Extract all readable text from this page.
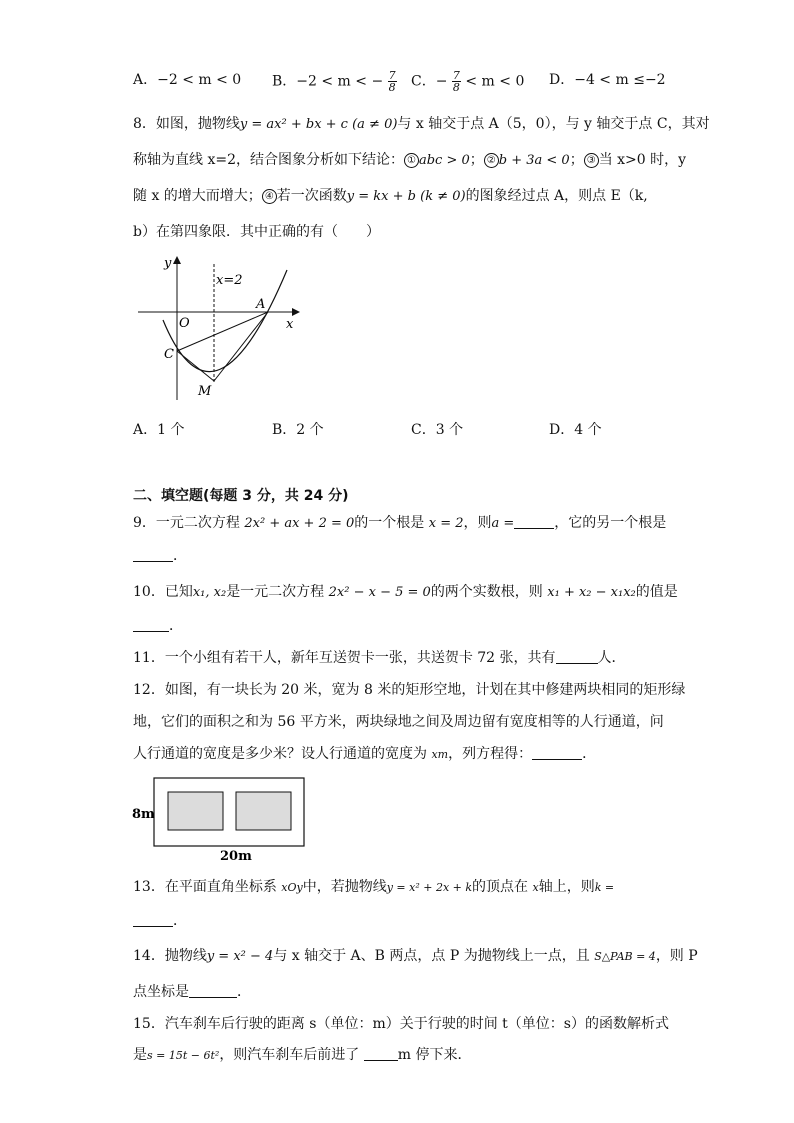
A．−2 < m < 0 B．−2 < m < − $\frac{7}{8}$ C．− $\frac{7}{8} < m < 0$ D．−4 < m ≤−2
8．如图，抛物线y = ax² + bx + c (a ≠ 0)与 x 轴交于点 A（5，0），与 y 轴交于点 C，其对
称轴为直线 x=2，结合图象分析如下结论： ① abc > 0； ② b + 3a < 0； ③ 当 x>0 时，y
随 x 的增大而增大； ④ 若一次函数y = kx + b (k ≠ 0)的图象经过点 A，则点 E（k,
b）在第四象限．其中正确的有（　　）
y
x
O
x=2
A
C
M
A．1 个	B．2 个	C．3 个	D．4 个
二、填空题(每题 3 分，共 24 分)
9．一元二次方程 2x² + ax + 2 = 0的一个根是 x = 2，则a =	，它的另一个根是
．
10．已知x₁, x₂是一元二次方程 2x² − x − 5 = 0的两个实数根，则 x₁ + x₂ − x₁x₂的值是
．
11．一个小组有若干人，新年互送贺卡一张，共送贺卡 72 张，共有	人．
12．如图，有一块长为 20 米，宽为 8 米的矩形空地，计划在其中修建两块相同的矩形绿
地，它们的面积之和为 56 平方米，两块绿地之间及周边留有宽度相等的人行通道，问
人行通道的宽度是多少米？设人行通道的宽度为 xm，列方程得：	．
8m
20m
13．在平面直角坐标系 xOy中，若抛物线y = x² + 2x + k的顶点在 x轴上，则k =
．
14．抛物线y = x² − 4与 x 轴交于 A、B 两点，点 P 为抛物线上一点，且 S△PAB = 4，则 P
点坐标是	．
15．汽车刹车后行驶的距离 s（单位：m）关于行驶的时间 t（单位：s）的函数解析式
是s = 15t − 6t²，则汽车刹车后前进了	m 停下来．
